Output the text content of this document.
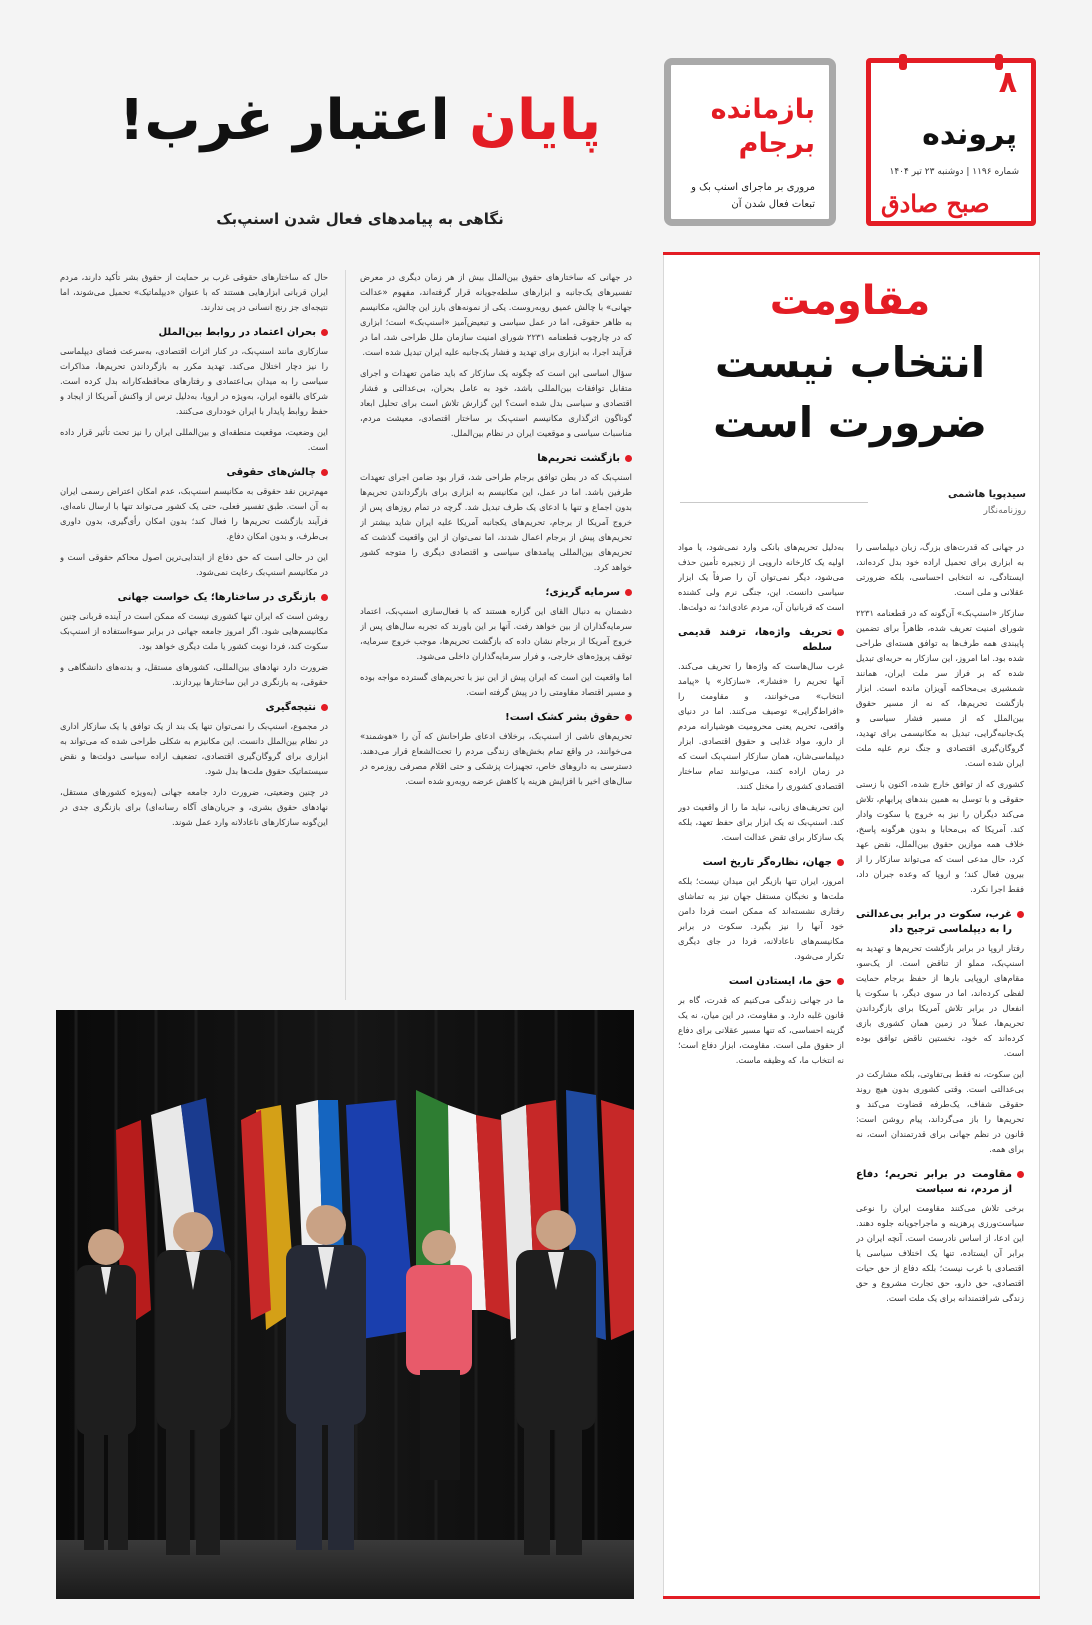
۸
پرونده
شماره ۱۱۹۶ | دوشنبه ۲۳ تیر ۱۴۰۴
صبح صادق
بازمانده برجام
مروری بر ماجرای اسنپ بک و تبعات فعال شدن آن
پایان اعتبار غرب!
نگاهی به پیامدهای فعال شدن اسنپ‌بک
مقاومت
انتخاب نیست
ضرورت است
سیدپویا هاشمی
روزنامه‌نگار

در جهانی که قدرت‌های بزرگ، زبان دیپلماسی را به ابزاری برای تحمیل اراده خود بدل کرده‌اند، ایستادگی، نه انتخابی احساسی، بلکه ضرورتی عقلانی و ملی است.

سازکار «اسنپ‌بک» آن‌گونه که در قطعنامه ۲۲۳۱ شورای امنیت تعریف شده، ظاهراً برای تضمین پایبندی همه طرف‌ها به توافق هسته‌ای طراحی شده بود. اما امروز، این سازکار به حربه‌ای تبدیل شده که بر فراز سر ملت ایران، همانند شمشیری بی‌محاکمه آویزان مانده است. ابزار بازگشت تحریم‌ها، که نه از مسیر حقوق بین‌الملل که از مسیر فشار سیاسی و یک‌جانبه‌گرایی، تبدیل به مکانیسمی برای تهدید، گروگان‌گیری اقتصادی و جنگ نرم علیه ملت ایران شده است.

کشوری که از توافق خارج شده، اکنون با زستی حقوقی و با توسل به همین بندهای پرابهام، تلاش می‌کند دیگران را نیز به خروج یا سکوت وادار کند. آمریکا که بی‌محابا و بدون هرگونه پاسخ، خلاف همه موازین حقوق بین‌الملل، نقض عهد کرد، حال مدعی است که می‌تواند سازکار را از بیرون فعال کند؛ و اروپا که وعده جبران داد، فقط اجرا نکرد.

غرب، سکوت در برابر بی‌عدالتی را به دیپلماسی ترجیح داد

رفتار اروپا در برابر بازگشت تحریم‌ها و تهدید به اسنپ‌بک، مملو از تناقض است. از یک‌سو، مقام‌های اروپایی بارها از حفظ برجام حمایت لفظی کرده‌اند، اما در سوی دیگر، با سکوت یا انفعال در برابر تلاش آمریکا برای بازگرداندن تحریم‌ها، عملاً در زمین همان کشوری بازی کرده‌اند که خود، نخستین ناقض توافق بوده است.

این سکوت، نه فقط بی‌تفاوتی، بلکه مشارکت در بی‌عدالتی است. وقتی کشوری بدون هیچ روند حقوقی شفاف، یک‌طرفه قضاوت می‌کند و تحریم‌ها را باز می‌گرداند، پیام روشن است: قانون در نظم جهانی برای قدرتمندان است، نه برای همه.

مقاومت در برابر تحریم؛ دفاع از مردم، نه سیاست

برخی تلاش می‌کنند مقاومت ایران را نوعی سیاست‌ورزی پرهزینه و ماجراجویانه جلوه دهند. این ادعا، از اساس نادرست است. آنچه ایران در برابر آن ایستاده، تنها یک اختلاف سیاسی یا اقتصادی با غرب نیست؛ بلکه دفاع از حق حیات اقتصادی، حق دارو، حق تجارت مشروع و حق زندگی شرافتمندانه برای یک ملت است.

به‌دلیل تحریم‌های بانکی وارد نمی‌شود، یا مواد اولیه یک کارخانه دارویی از زنجیره تأمین حذف می‌شود، دیگر نمی‌توان آن را صرفاً یک ابزار سیاسی دانست. این، جنگی نرم ولی کشنده است که قربانیان آن، مردم عادی‌اند؛ نه دولت‌ها.

تحریف واژه‌ها، ترفند قدیمی سلطه

غرب سال‌هاست که واژه‌ها را تحریف می‌کند. آنها تحریم را «فشار»، «سازکار» یا «پیامد انتخاب» می‌خوانند، و مقاومت را «افراط‌گرایی» توصیف می‌کنند. اما در دنیای واقعی، تحریم یعنی محرومیت هوشیارانه مردم از دارو، مواد غذایی و حقوق اقتصادی. ابزار دیپلماسی‌شان، همان سازکار اسنپ‌بک است که در زمان اراده کنند، می‌توانند تمام ساختار اقتصادی کشوری را مختل کنند.

این تحریف‌های زبانی، نباید ما را از واقعیت دور کند. اسنپ‌بک نه یک ابزار برای حفظ تعهد، بلکه یک سازکار برای تقض عدالت است.

جهان، نظاره‌گر تاریخ است

امروز، ایران تنها بازیگر این میدان نیست؛ بلکه ملت‌ها و نخبگان مستقل جهان نیز به تماشای رفتاری نشسته‌اند که ممکن است فردا دامن خود آنها را نیز بگیرد. سکوت در برابر مکانیسم‌های ناعادلانه، فردا در جای دیگری تکرار می‌شود.

حق ما، ایستادن است

ما در جهانی زندگی می‌کنیم که قدرت، گاه بر قانون غلبه دارد. و مقاومت، در این میان، نه یک گزینه احساسی، که تنها مسیر عقلانی برای دفاع از حقوق ملی است. مقاومت، ابزار دفاع است؛ نه انتخاب ما، که وظیفه ماست.

در جهانی که ساختارهای حقوق بین‌الملل بیش از هر زمان دیگری در معرض تفسیرهای یک‌جانبه و ابزارهای سلطه‌جویانه قرار گرفته‌اند، مفهوم «عدالت جهانی» با چالش عمیق روبه‌روست. یکی از نمونه‌های بارز این چالش، مکانیسم به ظاهر حقوقی، اما در عمل سیاسی و تبعیض‌آمیز «اسنپ‌بک» است؛ ابزاری که در چارچوب قطعنامه ۲۲۳۱ شورای امنیت سازمان ملل طراحی شد، اما در فرآیند اجرا، به ابزاری برای تهدید و فشار یک‌جانبه علیه ایران تبدیل شده است.

سؤال اساسی این است که چگونه یک سازکار که باید ضامن تعهدات و اجرای متقابل توافقات بین‌المللی باشد، خود به عامل بحران، بی‌عدالتی و فشار اقتصادی و سیاسی بدل شده است؟ این گزارش تلاش است برای تحلیل ابعاد گوناگون اثرگذاری مکانیسم اسنپ‌بک بر ساختار اقتصادی، معیشت مردم، مناسبات سیاسی و موقعیت ایران در نظام بین‌الملل.

بازگشت تحریم‌ها

اسنپ‌بک که در بطن توافق برجام طراحی شد، قرار بود ضامن اجرای تعهدات طرفین باشد. اما در عمل، این مکانیسم به ابزاری برای بازگرداندن تحریم‌ها بدون اجماع و تنها با ادعای یک طرف تبدیل شد. گرچه در تمام روزهای پس از خروج آمریکا از برجام، تحریم‌های یکجانبه آمریکا علیه ایران شاید بیشتر از تحریم‌های پیش از برجام اعمال شدند، اما نمی‌توان از این واقعیت گذشت که تحریم‌های بین‌المللی پیامدهای سیاسی و اقتصادی دیگری را متوجه کشور خواهد کرد.

سرمایه گریزی؛

دشمنان به دنبال القای این گزاره هستند که با فعال‌سازی اسنپ‌بک، اعتماد سرمایه‌گذاران از بین خواهد رفت. آنها بر این باورند که تجربه سال‌های پس از خروج آمریکا از برجام نشان داده که بازگشت تحریم‌ها، موجب خروج سرمایه، توقف پروژه‌های خارجی، و فرار سرمایه‌گذاران داخلی می‌شود.

اما واقعیت این است که ایران پیش از این نیز با تحریم‌های گسترده مواجه بوده و مسیر اقتصاد مقاومتی را در پیش گرفته است.

حقوق بشر کشک است!

تحریم‌های ناشی از اسنپ‌بک، برخلاف ادعای طراحانش که آن را «هوشمند» می‌خوانند، در واقع تمام بخش‌های زندگی مردم را تحت‌الشعاع قرار می‌دهند. دسترسی به داروهای خاص، تجهیزات پزشکی و حتی اقلام مصرفی روزمره در سال‌های اخیر با افزایش هزینه یا کاهش عرضه روبه‌رو شده است.

حال که ساختارهای حقوقی غرب بر حمایت از حقوق بشر تأکید دارند، مردم ایران قربانی ابزارهایی هستند که با عنوان «دیپلماتیک» تحمیل می‌شوند، اما نتیجه‌ای جز رنج انسانی در پی ندارند.

بحران اعتماد در روابط بین‌الملل

سازکاری مانند اسنپ‌بک، در کنار اثرات اقتصادی، به‌سرعت فضای دیپلماسی را نیز دچار اختلال می‌کند. تهدید مکرر به بازگرداندن تحریم‌ها، مذاکرات سیاسی را به میدان بی‌اعتمادی و رفتارهای محافظه‌کارانه بدل کرده است. شرکای بالقوه ایران، به‌ویژه در اروپا، به‌دلیل ترس از واکنش آمریکا از ایجاد و حفظ روابط پایدار با ایران خودداری می‌کنند.

این وضعیت، موقعیت منطقه‌ای و بین‌المللی ایران را نیز تحت تأثیر قرار داده است.

چالش‌های حقوقی

مهم‌ترین نقد حقوقی به مکانیسم اسنپ‌بک، عدم امکان اعتراض رسمی ایران به آن است. طبق تفسیر فعلی، حتی یک کشور می‌تواند تنها با ارسال نامه‌ای، فرآیند بازگشت تحریم‌ها را فعال کند؛ بدون امکان رأی‌گیری، بدون داوری بی‌طرف، و بدون امکان دفاع.

این در حالی است که حق دفاع از ابتدایی‌ترین اصول محاکم حقوقی است و در مکانیسم اسنپ‌بک رعایت نمی‌شود.

بازنگری در ساختارها؛ یک خواست جهانی

روشن است که ایران تنها کشوری نیست که ممکن است در آینده قربانی چنین مکانیسم‌هایی شود. اگر امروز جامعه جهانی در برابر سوءاستفاده از اسنپ‌بک سکوت کند، فردا نوبت کشور یا ملت دیگری خواهد بود.

ضرورت دارد نهادهای بین‌المللی، کشورهای مستقل، و بدنه‌های دانشگاهی و حقوقی، به بازنگری در این ساختارها بپردازند.

نتیجه‌گیری

در مجموع، اسنپ‌بک را نمی‌توان تنها یک بند از یک توافق یا یک سازکار اداری در نظام بین‌الملل دانست. این مکانیزم به شکلی طراحی شده که می‌تواند به ابزاری برای گروگان‌گیری اقتصادی، تضعیف اراده سیاسی دولت‌ها و نقض سیستماتیک حقوق ملت‌ها بدل شود.

در چنین وضعیتی، ضرورت دارد جامعه جهانی (به‌ویژه کشورهای مستقل، نهادهای حقوق بشری، و جریان‌های آگاه رسانه‌ای) برای بازنگری جدی در این‌گونه سازکارهای ناعادلانه وارد عمل شوند.
